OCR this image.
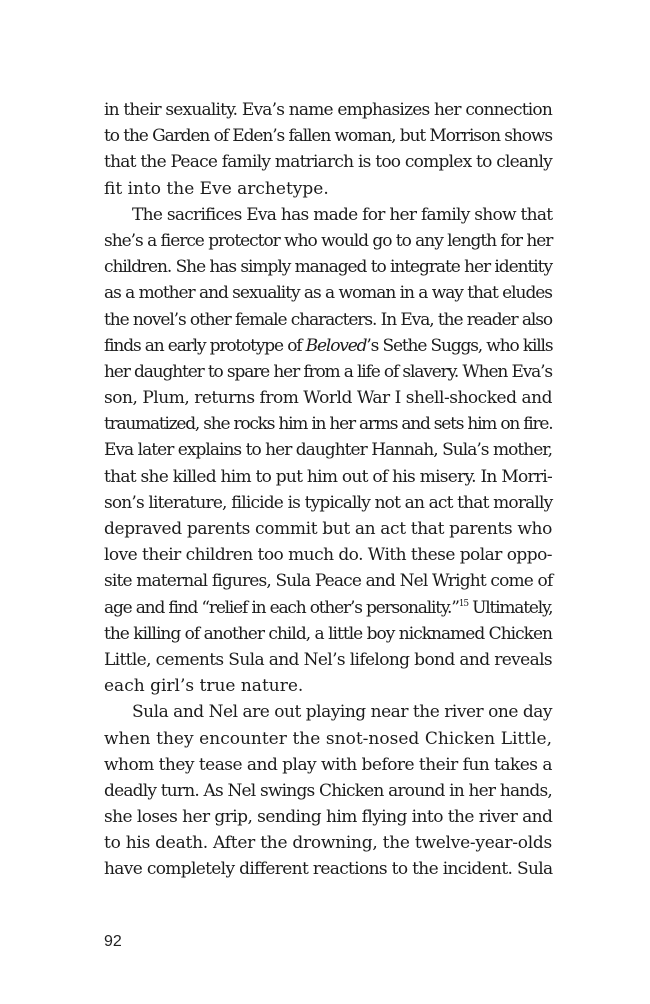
in their sexuality. Eva’s name emphasizes her connection
to the Garden of Eden’s fallen woman, but Morrison shows
that the Peace family matriarch is too complex to cleanly
fit into the Eve archetype.
The sacrifices Eva has made for her family show that
she’s a fierce protector who would go to any length for her
children. She has simply managed to integrate her identity
as a mother and sexuality as a woman in a way that eludes
the novel’s other female characters. In Eva, the reader also
finds an early prototype of Beloved’s Sethe Suggs, who kills
her daughter to spare her from a life of slavery. When Eva’s
son, Plum, returns from World War I shell-shocked and
traumatized, she rocks him in her arms and sets him on fire.
Eva later explains to her daughter Hannah, Sula’s mother,
that she killed him to put him out of his misery. In Morri-
son’s literature, filicide is typically not an act that morally
depraved parents commit but an act that parents who
love their children too much do. With these polar oppo-
site maternal figures, Sula Peace and Nel Wright come of
age and find “relief in each other’s personality.”$^{15}$ Ultimately,
the killing of another child, a little boy nicknamed Chicken
Little, cements Sula and Nel’s lifelong bond and reveals
each girl’s true nature.
Sula and Nel are out playing near the river one day
when they encounter the snot-nosed Chicken Little,
whom they tease and play with before their fun takes a
deadly turn. As Nel swings Chicken around in her hands,
she loses her grip, sending him flying into the river and
to his death. After the drowning, the twelve-year-olds
have completely different reactions to the incident. Sula
92
